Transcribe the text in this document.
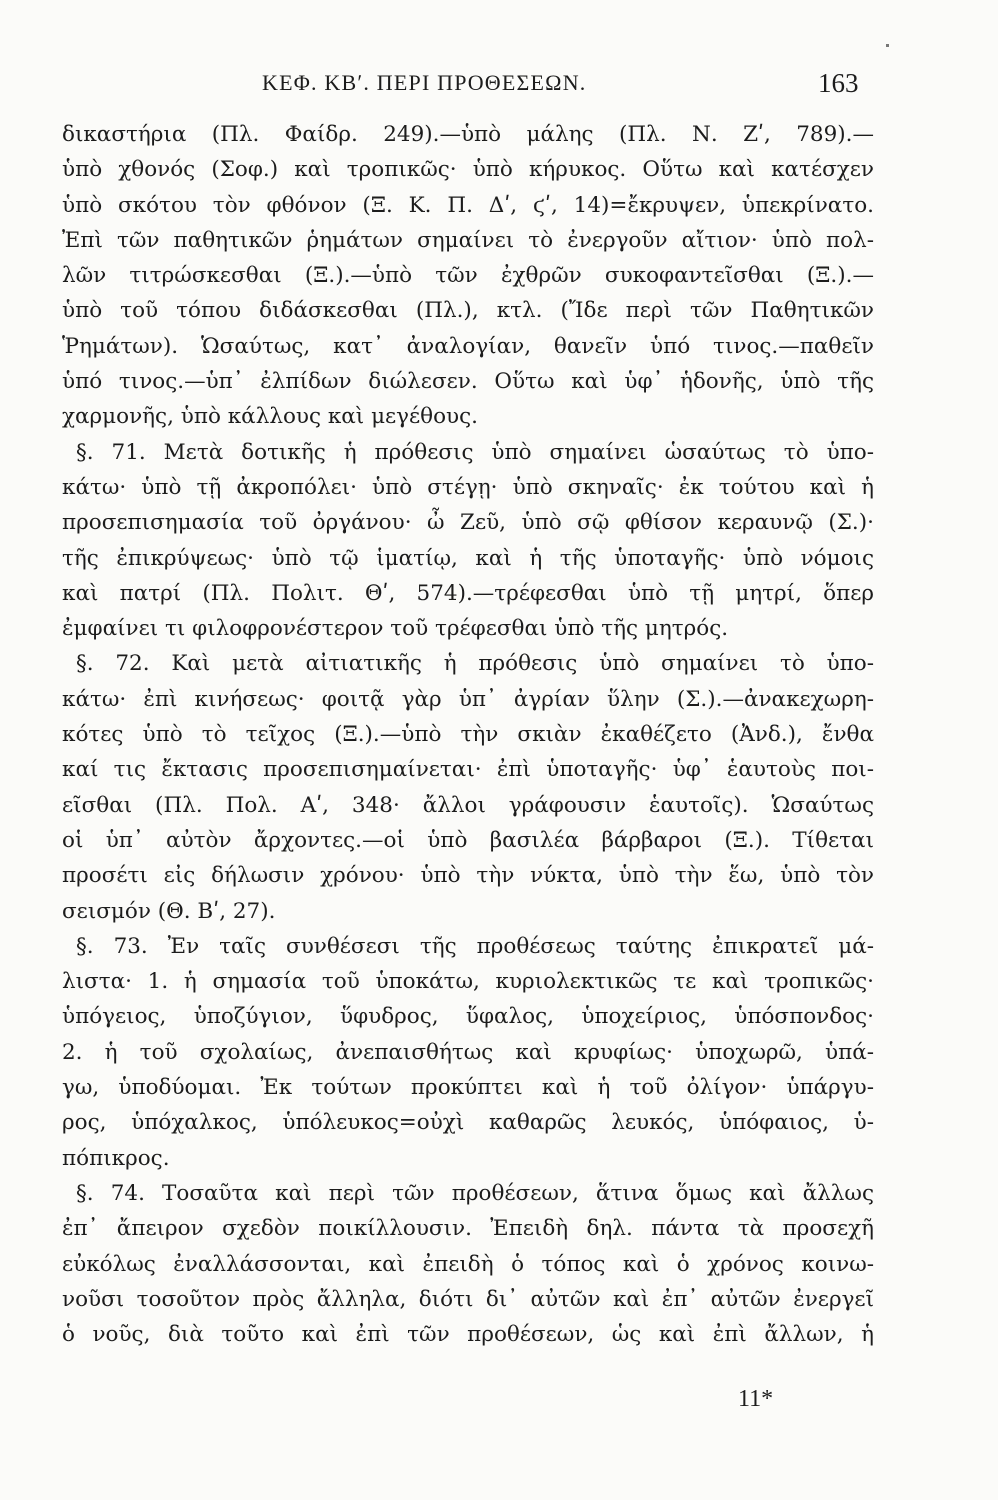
ΚΕΦ. ΚΒʹ. ΠΕΡΙ ΠΡΟΘΕΣΕΩΝ.	163
δικαστήρια (Πλ. Φαίδρ. 249).—ὑπὸ μάλης (Πλ. Ν. Ζʹ, 789).—
ὑπὸ χθονός (Σοφ.) καὶ τροπικῶς· ὑπὸ κήρυκος. Οὕτω καὶ κατέσχεν
ὑπὸ σκότου τὸν φθόνον (Ξ. Κ. Π. Δʹ, ϛʹ, 14)=ἔκρυψεν, ὑπεκρίνατο.
Ἐπὶ τῶν παθητικῶν ῥημάτων σημαίνει τὸ ἐνεργοῦν αἴτιον· ὑπὸ πολ-
λῶν τιτρώσκεσθαι (Ξ.).—ὑπὸ τῶν ἐχθρῶν συκοφαντεῖσθαι (Ξ.).—
ὑπὸ τοῦ τόπου διδάσκεσθαι (Πλ.), κτλ. (Ἴδε περὶ τῶν Παθητικῶν
Ῥημάτων). Ὡσαύτως, κατ᾽ ἀναλογίαν, θανεῖν ὑπό τινος.—παθεῖν
ὑπό τινος.—ὑπ᾽ ἐλπίδων διώλεσεν. Οὕτω καὶ ὑφ᾽ ἡδονῆς, ὑπὸ τῆς
χαρμονῆς, ὑπὸ κάλλους καὶ μεγέθους.
§. 71. Μετὰ δοτικῆς ἡ πρόθεσις ὑπὸ σημαίνει ὡσαύτως τὸ ὑπο-
κάτω· ὑπὸ τῇ ἀκροπόλει· ὑπὸ στέγῃ· ὑπὸ σκηναῖς· ἐκ τούτου καὶ ἡ
προσεπισημασία τοῦ ὀργάνου· ὦ Ζεῦ, ὑπὸ σῷ φθίσον κεραυνῷ (Σ.)·
τῆς ἐπικρύψεως· ὑπὸ τῷ ἱματίῳ, καὶ ἡ τῆς ὑποταγῆς· ὑπὸ νόμοις
καὶ πατρί (Πλ. Πολιτ. Θʹ, 574).—τρέφεσθαι ὑπὸ τῇ μητρί, ὅπερ
ἐμφαίνει τι φιλοφρονέστερον τοῦ τρέφεσθαι ὑπὸ τῆς μητρός.
§. 72. Καὶ μετὰ αἰτιατικῆς ἡ πρόθεσις ὑπὸ σημαίνει τὸ ὑπο-
κάτω· ἐπὶ κινήσεως· φοιτᾷ γὰρ ὑπ᾽ ἀγρίαν ὕλην (Σ.).—ἀνακεχωρη-
κότες ὑπὸ τὸ τεῖχος (Ξ.).—ὑπὸ τὴν σκιὰν ἐκαθέζετο (Ἀνδ.), ἔνθα
καί τις ἔκτασις προσεπισημαίνεται· ἐπὶ ὑποταγῆς· ὑφ᾽ ἑαυτοὺς ποι-
εῖσθαι (Πλ. Πολ. Αʹ, 348· ἄλλοι γράφουσιν ἑαυτοῖς). Ὡσαύτως
οἱ ὑπ᾽ αὐτὸν ἄρχοντες.—οἱ ὑπὸ βασιλέα βάρβαροι (Ξ.). Τίθεται
προσέτι εἰς δήλωσιν χρόνου· ὑπὸ τὴν νύκτα, ὑπὸ τὴν ἕω, ὑπὸ τὸν
σεισμόν (Θ. Βʹ, 27).
§. 73. Ἐν ταῖς συνθέσεσι τῆς προθέσεως ταύτης ἐπικρατεῖ μά-
λιστα· 1. ἡ σημασία τοῦ ὑποκάτω, κυριολεκτικῶς τε καὶ τροπικῶς·
ὑπόγειος, ὑποζύγιον, ὕφυδρος, ὕφαλος, ὑποχείριος, ὑπόσπονδος·
2. ἡ τοῦ σχολαίως, ἀνεπαισθήτως καὶ κρυφίως· ὑποχωρῶ, ὑπά-
γω, ὑποδύομαι. Ἐκ τούτων προκύπτει καὶ ἡ τοῦ ὀλίγον· ὑπάργυ-
ρος, ὑπόχαλκος, ὑπόλευκος=οὐχὶ καθαρῶς λευκός, ὑπόφαιος, ὑ-
πόπικρος.
§. 74. Τοσαῦτα καὶ περὶ τῶν προθέσεων, ἅτινα ὅμως καὶ ἄλλως
ἐπ᾽ ἄπειρον σχεδὸν ποικίλλουσιν. Ἐπειδὴ δηλ. πάντα τὰ προσεχῆ
εὐκόλως ἐναλλάσσονται, καὶ ἐπειδὴ ὁ τόπος καὶ ὁ χρόνος κοινω-
νοῦσι τοσοῦτον πρὸς ἄλληλα, διότι δι᾽ αὐτῶν καὶ ἐπ᾽ αὐτῶν ἐνεργεῖ
ὁ νοῦς, διὰ τοῦτο καὶ ἐπὶ τῶν προθέσεων, ὡς καὶ ἐπὶ ἄλλων, ἡ
11*
